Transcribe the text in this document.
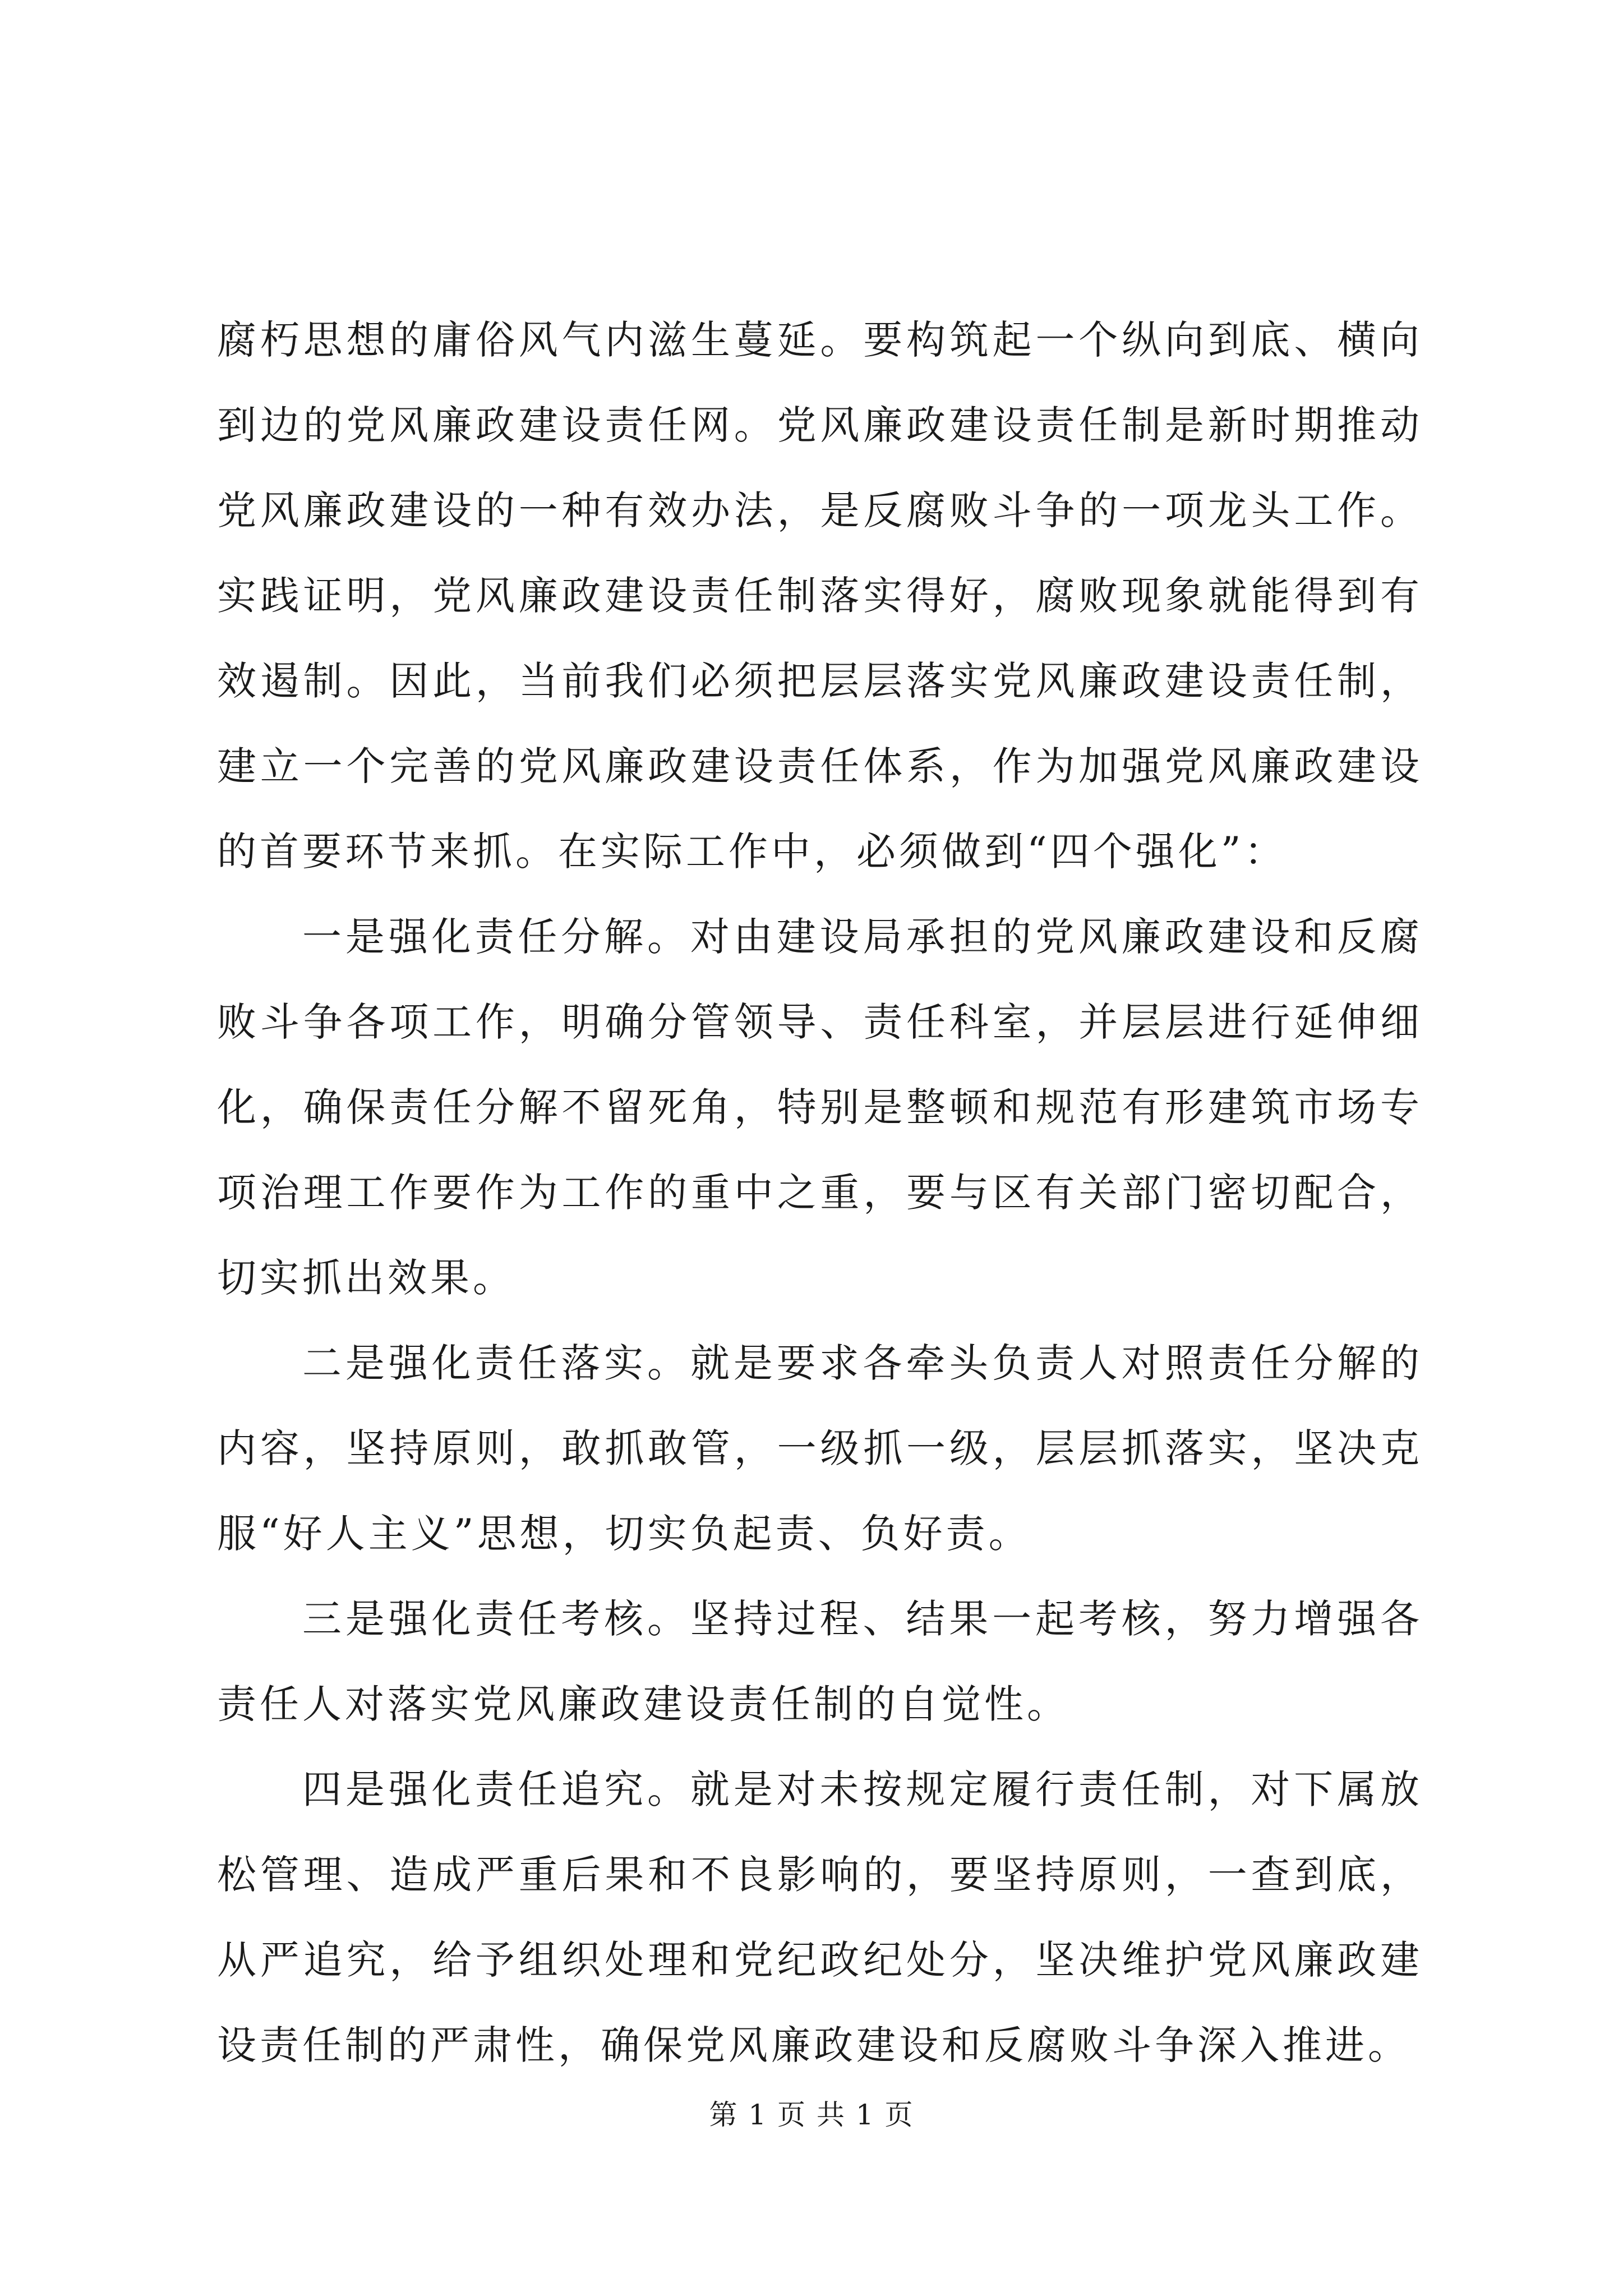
腐朽思想的庸俗风气内滋生蔓延。要构筑起一个纵向到底、横向到边的党风廉政建设责任网。党风廉政建设责任制是新时期推动党风廉政建设的一种有效办法，是反腐败斗争的一项龙头工作。实践证明，党风廉政建设责任制落实得好，腐败现象就能得到有效遏制。因此，当前我们必须把层层落实党风廉政建设责任制，建立一个完善的党风廉政建设责任体系，作为加强党风廉政建设的首要环节来抓。在实际工作中，必须做到“四个强化”：

一是强化责任分解。对由建设局承担的党风廉政建设和反腐败斗争各项工作，明确分管领导、责任科室，并层层进行延伸细化，确保责任分解不留死角，特别是整顿和规范有形建筑市场专项治理工作要作为工作的重中之重，要与区有关部门密切配合，切实抓出效果。

二是强化责任落实。就是要求各牵头负责人对照责任分解的内容，坚持原则，敢抓敢管，一级抓一级，层层抓落实，坚决克服“好人主义”思想，切实负起责、负好责。

三是强化责任考核。坚持过程、结果一起考核，努力增强各责任人对落实党风廉政建设责任制的自觉性。

四是强化责任追究。就是对未按规定履行责任制，对下属放松管理、造成严重后果和不良影响的，要坚持原则，一查到底，从严追究，给予组织处理和党纪政纪处分，坚决维护党风廉政建设责任制的严肃性，确保党风廉政建设和反腐败斗争深入推进。

第 1 页 共 1 页
